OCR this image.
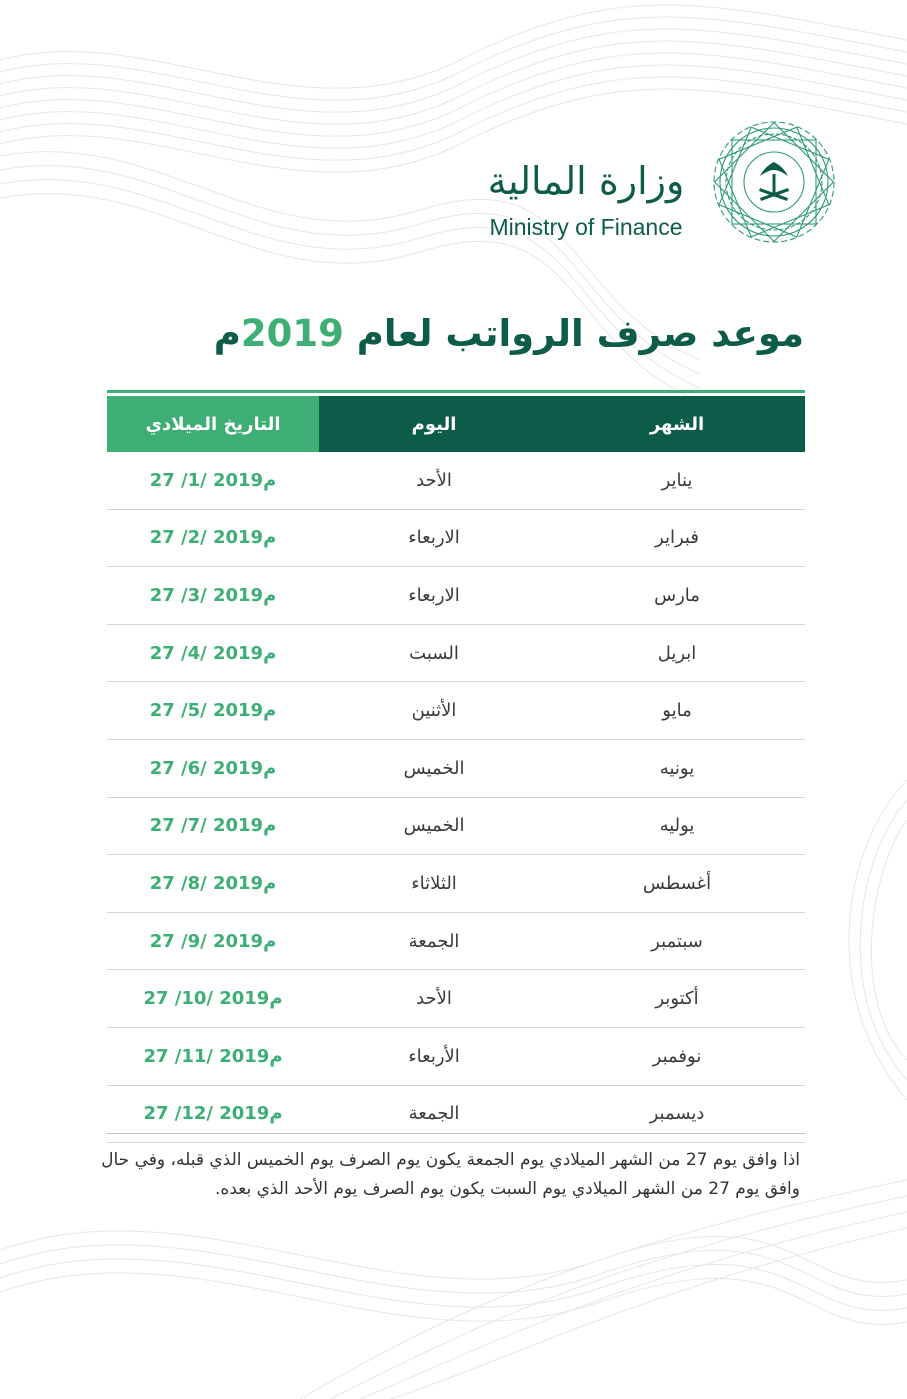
وزارة المالية
Ministry of Finance
موعد صرف الرواتب لعام 2019م
التاريخ الميلادي	اليوم	الشهر
27 /1/ 2019م	الأحد	يناير
27 /2/ 2019م	الاربعاء	فبراير
27 /3/ 2019م	الاربعاء	مارس
27 /4/ 2019م	السبت	ابريل
27 /5/ 2019م	الأثنين	مايو
27 /6/ 2019م	الخميس	يونيه
27 /7/ 2019م	الخميس	يوليه
27 /8/ 2019م	الثلاثاء	أغسطس
27 /9/ 2019م	الجمعة	سبتمبر
27 /10/ 2019م	الأحد	أكتوبر
27 /11/ 2019م	الأربعاء	نوفمبر
27 /12/ 2019م	الجمعة	ديسمبر
اذا وافق يوم 27 من الشهر الميلادي يوم الجمعة يكون يوم الصرف يوم الخميس الذي قبله، وفي حال وافق يوم 27 من الشهر الميلادي يوم السبت يكون يوم الصرف يوم الأحد الذي بعده.
